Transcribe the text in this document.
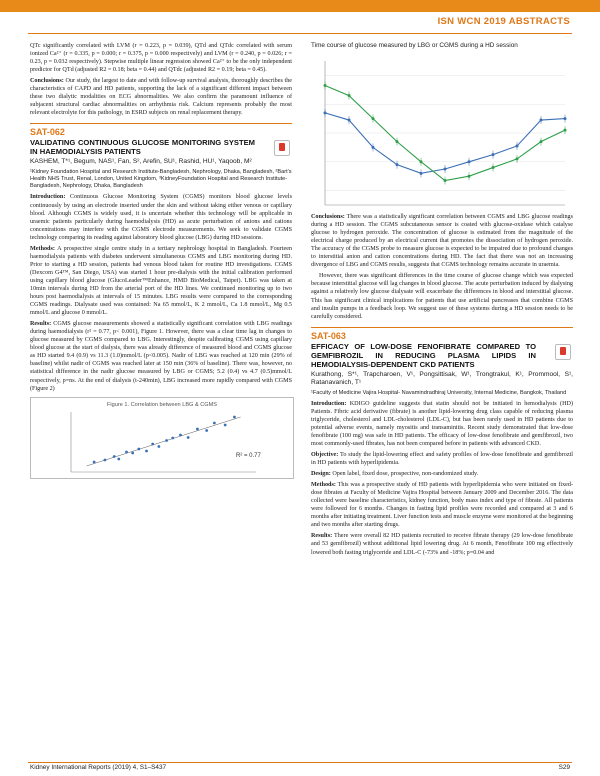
ISN WCN 2019 ABSTRACTS

QTc significantly correlated with LVM (r = 0.223, p = 0.039), QTd and QTdc correlated with serum ionized Ca²⁺ (r = 0.335, p = 0.000; r = 0.375, p = 0.000 respectively) and LVM (r = 0.240, p = 0.026; r = 0.23, p = 0.032 respectively). Stepwise multiple linear regression showed Ca²⁺ to be the only independent predictor for QTd (adjusted R2 = 0.18; beta = 0.44) and QTdc (adjusted R2 = 0.19; beta = 0.45).

Conclusions: Our study, the largest to date and with follow-up survival analysis, thoroughly describes the characteristics of CAPD and HD patients, supporting the lack of a significant different impact between these two dialytic modalities on ECG abnormalities. We also confirm the paramount influence of subjacent structural cardiac abnormalities on arrhythmia risk. Calcium represents probably the most relevant electrolyte for this pathology, in ESRD subjects on renal replacement therapy.

SAT-062
VALIDATING CONTINUOUS GLUCOSE MONITORING SYSTEM IN HAEMODIALYSIS PATIENTS
KASHEM, T*¹, Begum, NAS¹, Fan, S², Arefin, SU¹, Rashid, HU¹, Yaqoob, M²
¹Kidney Foundation Hospital and Research Institute-Bangladesh, Nephrology, Dhaka, Bangladesh, ²Bart's Health NHS Trust, Renal, London, United Kingdom, ³KidneyFoundation Hospital and Research Institute-Bangladesh, Nephrology, Dhaka, Bangladesh

Introduction: Continuous Glucose Monitoring System (CGMS) monitors blood glucose levels continuously by using an electrode inserted under the skin and without taking either venous or capillary blood. Although CGMS is widely used, it is uncertain whether this technology will be applicable in uraemic patients particularly during haemodialysis (HD) as acute perturbation of anions and cations concentrations may interfere with the CGMS electrode measurements. We seek to validate CGMS technology comparing its reading against laboratory blood glucose (LBG) during HD sessions.

Methods: A prospective single centre study in a tertiary nephrology hospital in Bangladesh. Fourteen haemodialysis patients with diabetes underwent simultaneous CGMS and LBG monitoring during HD. Prior to starting a HD session, patients had venous blood taken for routine HD investigations. CGMS (Dexcom G4™, San Diego, USA) was started 1 hour pre-dialysis with the initial calibration performed using capillary blood glucose (GlucoLeader™Enhance, HMD BioMedical, Taipei). LBG was taken at 10min intervals during HD from the arterial port of the HD lines. We continued monitoring up to two hours post haemodialysis at intervals of 15 minutes. LBG results were compared to the corresponding CGMS readings. Dialysate used was contained: Na 65 mmol/L, K 2 mmol/L, Ca 1.8 mmol/L, Mg 0.5 mmol/L and glucose 0 mmol/L.

Results: CGMS glucose measurements showed a statistically significant correlation with LBG readings during haemodialysis (r² = 0.77, p< 0.001), Figure 1. However, there was a clear time lag in changes to glucose measured by CGMS compared to LBG. Interestingly, despite calibrating CGMS using capillary blood glucose at the start of dialysis, there was already difference of measured blood and CGMS glucose as HD started 9.4 (0.9) vs 11.3 (1.0)mmol/L (p<0.005). Nadir of LBG was reached at 120 min (29% of baseline) whilst nadir of CGMS was reached later at 150 min (36% of baseline). There was, however, no statistical difference in the nadir glucose measured by LBG or CGMS; 5.2 (0.4) vs 4.7 (0.5)mmol/L respectively, p=ns. At the end of dialysis (t-240min), LBG increased more rapidly compared with CGMS (Figure 2)

Figure 1. Correlation between LBG & CGMS
R² = 0.77
Time course of glucose measured by LBG or CGMS during a HD session

Conclusions: There was a statistically significant correlation between CGMS and LBG glucose readings during a HD session. The CGMS subcutaneous sensor is coated with glucose-oxidase which catalyse glucose to hydrogen peroxide. The concentration of glucose is estimated from the magnitude of the electrical charge produced by an electrical current that promotes the dissociation of hydrogen peroxide. The accuracy of the CGMS probe to measure glucose is expected to be impaired due to profound changes to interstitial anion and cation concentrations during HD. The fact that there was not an increasing divergence of LBG and CGMS results, suggests that CGMS technology remains accurate in uraemia.

However, there was significant differences in the time course of glucose change which was expected because interstitial glucose will lag changes in blood glucose. The acute perturbation induced by dialysing against a relatively low glucose dialysate will exacerbate the differences in blood and interstitial glucose. This has significant clinical implications for patients that use artificial pancreases that combine CGMS and insulin pumps in a feedback loop. We suggest use of these systems during a HD session needs to be carefully considered.

SAT-063
EFFICACY OF LOW-DOSE FENOFIBRATE COMPARED TO GEMFIBROZIL IN REDUCING PLASMA LIPIDS IN HEMODIALYSIS-DEPENDENT CKD PATIENTS
Kurathong, S*¹, Trapcharoen, V¹, Pongsittisak, W¹, Trongtrakul, K¹, Prommool, S¹, Ratanavanich, T¹
¹Faculty of Medicine Vajira Hospital- Navamindradhiraj University, Internal Medicine, Bangkok, Thailand

Introduction: KDIGO guideline suggests that statin should not be initiated in hemodialysis (HD) Patients. Fibric acid derivative (fibrate) is another lipid-lowering drug class capable of reducing plasma triglyceride, cholesterol and LDL-cholesterol (LDL-C), but has been rarely used in HD patients due to potential adverse events, namely myositis and transaminitis. Recent study demonstrated that low-dose fenofibrate (100 mg) was safe in HD patients. The efficacy of low-dose fenofibrate and gemfibrozil, two most commonly-used fibrates, has not been compared before in patients with advanced CKD.

Objective: To study the lipid-lowering effect and safety profiles of low-dose fenofibrate and gemfibrozil in HD patients with hyperlipidemia.

Design: Open label, fixed dose, prospective, non-randomized study.

Methods: This was a prospective study of HD patients with hyperlipidemia who were initiated on fixed-dose fibrates at Faculty of Medicine Vajira Hospital between January 2009 and December 2016. The data collected were baseline characteristics, kidney function, body mass index and type of fibrate. All patients were followed for 6 months. Changes in fasting lipid profiles were recorded and compared at 3 and 6 months after initiating treatment. Liver function tests and muscle enzyme were monitored at the beginning and two months after starting drugs.

Results: There were overall 82 HD patients recruited to receive fibrate therapy (29 low-dose fenofibrate and 53 gemfibrozil) without additional lipid lowering drug. At 6 month, Fenofibrate 100 mg effectively lowered both fasting triglyceride and LDL-C (-73% and -18%; p=0.04 and

Kidney International Reports (2019) 4, S1–S437	S29
